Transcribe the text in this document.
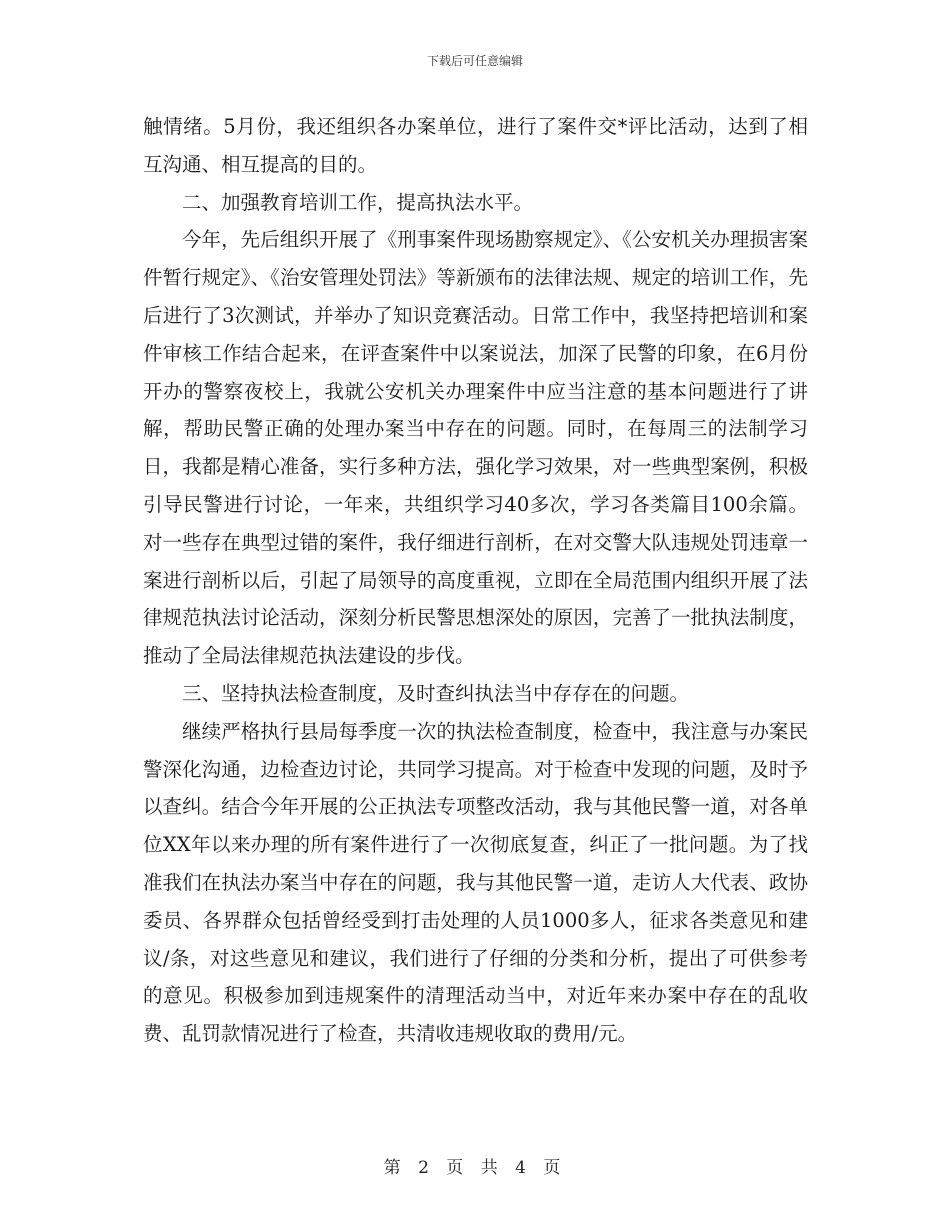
下载后可任意编辑

触情绪。5月份，我还组织各办案单位，进行了案件交*评比活动，达到了相互沟通、相互提高的目的。

二、加强教育培训工作，提高执法水平。

今年，先后组织开展了《刑事案件现场勘察规定》、《公安机关办理损害案件暂行规定》、《治安管理处罚法》等新颁布的法律法规、规定的培训工作，先后进行了3次测试，并举办了知识竞赛活动。日常工作中，我坚持把培训和案件审核工作结合起来，在评查案件中以案说法，加深了民警的印象，在6月份开办的警察夜校上，我就公安机关办理案件中应当注意的基本问题进行了讲解，帮助民警正确的处理办案当中存在的问题。同时，在每周三的法制学习日，我都是精心准备，实行多种方法，强化学习效果，对一些典型案例，积极引导民警进行讨论，一年来，共组织学习40多次，学习各类篇目100余篇。对一些存在典型过错的案件，我仔细进行剖析，在对交警大队违规处罚违章一案进行剖析以后，引起了局领导的高度重视，立即在全局范围内组织开展了法律规范执法讨论活动，深刻分析民警思想深处的原因，完善了一批执法制度，推动了全局法律规范执法建设的步伐。

三、坚持执法检查制度，及时查纠执法当中存存在的问题。

继续严格执行县局每季度一次的执法检查制度，检查中，我注意与办案民警深化沟通，边检查边讨论，共同学习提高。对于检查中发现的问题，及时予以查纠。结合今年开展的公正执法专项整改活动，我与其他民警一道，对各单位XX年以来办理的所有案件进行了一次彻底复查，纠正了一批问题。为了找准我们在执法办案当中存在的问题，我与其他民警一道，走访人大代表、政协委员、各界群众包括曾经受到打击处理的人员1000多人，征求各类意见和建议/条，对这些意见和建议，我们进行了仔细的分类和分析，提出了可供参考的意见。积极参加到违规案件的清理活动当中，对近年来办案中存在的乱收费、乱罚款情况进行了检查，共清收违规收取的费用/元。

第 2 页 共 4 页
